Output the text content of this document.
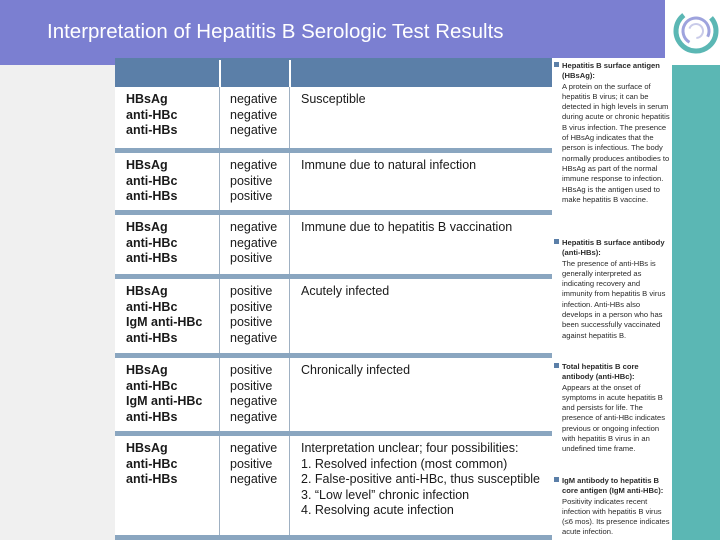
Interpretation of Hepatitis B Serologic Test Results
HBsAg
anti-HBc
anti-HBs
negative
negative
negative
Susceptible
HBsAg
anti-HBc
anti-HBs
negative
positive
positive
Immune due to natural infection
HBsAg
anti-HBc
anti-HBs
negative
negative
positive
Immune due to hepatitis B vaccination
HBsAg
anti-HBc
IgM anti-HBc
anti-HBs
positive
positive
positive
negative
Acutely infected
HBsAg
anti-HBc
IgM anti-HBc
anti-HBs
positive
positive
negative
negative
Chronically infected
HBsAg
anti-HBc
anti-HBs
negative
positive
negative
Interpretation unclear; four possibilities:
1. Resolved infection (most common)
2. False-positive anti-HBc, thus susceptible
3. “Low level” chronic infection
4. Resolving acute infection
Hepatitis B surface antigen (HBsAg):
A protein on the surface of hepatitis B virus; it can be detected in high levels in serum during acute or chronic hepatitis B virus infection. The presence of HBsAg indicates that the person is infectious. The body normally produces antibodies to HBsAg as part of the normal immune response to infection. HBsAg is the antigen used to make hepatitis B vaccine.
Hepatitis B surface antibody (anti-HBs):
The presence of anti-HBs is generally interpreted as indicating recovery and immunity from hepatitis B virus infection. Anti-HBs also develops in a person who has been successfully vaccinated against hepatitis B.
Total hepatitis B core antibody (anti-HBc):
Appears at the onset of symptoms in acute hepatitis B and persists for life. The presence of anti-HBc indicates previous or ongoing infection with hepatitis B virus in an undefined time frame.
IgM antibody to hepatitis B core antigen (IgM anti-HBc):
Positivity indicates recent infection with hepatitis B virus (≤6 mos). Its presence indicates acute infection.
